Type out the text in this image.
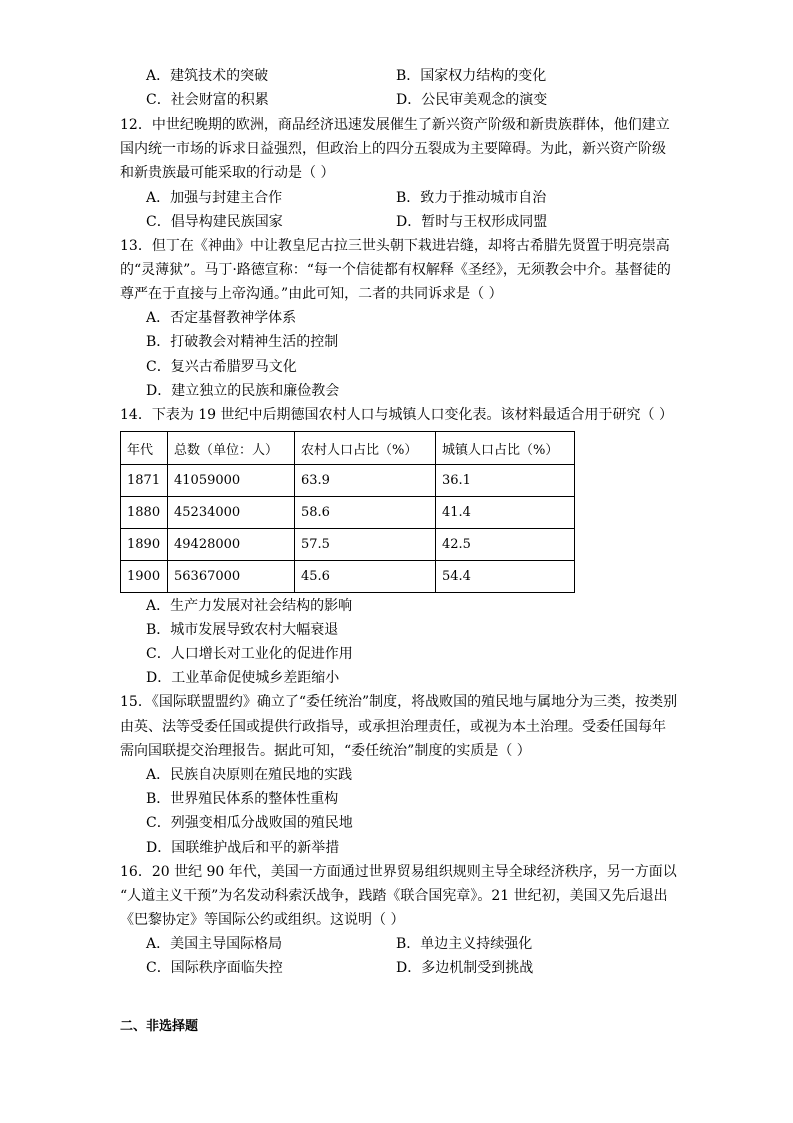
A．建筑技术的突破	B．国家权力结构的变化
C．社会财富的积累	D．公民审美观念的演变
12．中世纪晚期的欧洲，商品经济迅速发展催生了新兴资产阶级和新贵族群体，他们建立
国内统一市场的诉求日益强烈，但政治上的四分五裂成为主要障碍。为此，新兴资产阶级
和新贵族最可能采取的行动是（ ）
A．加强与封建主合作	B．致力于推动城市自治
C．倡导构建民族国家	D．暂时与王权形成同盟
13．但丁在《神曲》中让教皇尼古拉三世头朝下栽进岩缝，却将古希腊先贤置于明亮崇高
的“灵薄狱”。马丁·路德宣称：“每一个信徒都有权解释《圣经》，无须教会中介。基督徒的
尊严在于直接与上帝沟通。”由此可知，二者的共同诉求是（ ）
A．否定基督教神学体系
B．打破教会对精神生活的控制
C．复兴古希腊罗马文化
D．建立独立的民族和廉俭教会
14．下表为 19 世纪中后期德国农村人口与城镇人口变化表。该材料最适合用于研究（ ）
年代	总数（单位：人）	农村人口占比（%）	城镇人口占比（%）
1871	41059000	63.9	36.1
1880	45234000	58.6	41.4
1890	49428000	57.5	42.5
1900	56367000	45.6	54.4
A．生产力发展对社会结构的影响
B．城市发展导致农村大幅衰退
C．人口增长对工业化的促进作用
D．工业革命促使城乡差距缩小
15．《国际联盟盟约》确立了“委任统治”制度，将战败国的殖民地与属地分为三类，按类别
由英、法等受委任国或提供行政指导，或承担治理责任，或视为本土治理。受委任国每年
需向国联提交治理报告。据此可知，“委任统治”制度的实质是（ ）
A．民族自决原则在殖民地的实践
B．世界殖民体系的整体性重构
C．列强变相瓜分战败国的殖民地
D．国联维护战后和平的新举措
16．20 世纪 90 年代，美国一方面通过世界贸易组织规则主导全球经济秩序，另一方面以
“人道主义干预”为名发动科索沃战争，践踏《联合国宪章》。21 世纪初，美国又先后退出
《巴黎协定》等国际公约或组织。这说明（ ）
A．美国主导国际格局	B．单边主义持续强化
C．国际秩序面临失控	D．多边机制受到挑战
二、非选择题
